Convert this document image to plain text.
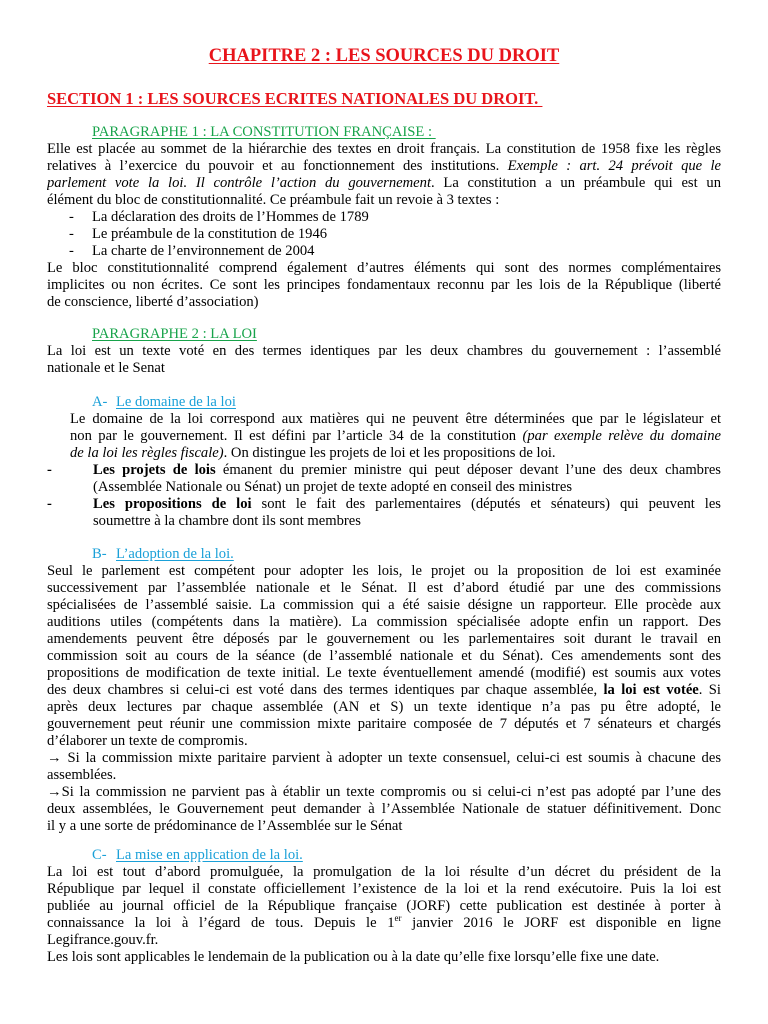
CHAPITRE 2 : LES SOURCES DU DROIT
SECTION 1 : LES SOURCES ECRITES NATIONALES DU DROIT.
PARAGRAPHE 1 : LA CONSTITUTION FRANÇAISE :
Elle est placée au sommet de la hiérarchie des textes en droit français. La constitution de 1958 fixe les règles
relatives à l’exercice du pouvoir et au fonctionnement des institutions. Exemple : art. 24 prévoit que le
parlement vote la loi. Il contrôle l’action du gouvernement. La constitution a un préambule qui est un
élément du bloc de constitutionnalité. Ce préambule fait un revoie à 3 textes :
-	La déclaration des droits de l’Hommes de 1789
-	Le préambule de la constitution de 1946
-	La charte de l’environnement de 2004
Le bloc constitutionnalité comprend également d’autres éléments qui sont des normes complémentaires
implicites ou non écrites. Ce sont les principes fondamentaux reconnu par les lois de la République (liberté
de conscience, liberté d’association)
PARAGRAPHE 2 : LA LOI
La loi est un texte voté en des termes identiques par les deux chambres du gouvernement : l’assemblé
nationale et le Senat
A- Le domaine de la loi
Le domaine de la loi correspond aux matières qui ne peuvent être déterminées que par le législateur et
non par le gouvernement. Il est défini par l’article 34 de la constitution (par exemple relève du domaine
de la loi les règles fiscale). On distingue les projets de loi et les propositions de loi.
-	Les projets de lois émanent du premier ministre qui peut déposer devant l’une des deux chambres
(Assemblée Nationale ou Sénat) un projet de texte adopté en conseil des ministres
-	Les propositions de loi sont le fait des parlementaires (députés et sénateurs) qui peuvent les
soumettre à la chambre dont ils sont membres
B- L’adoption de la loi.
Seul le parlement est compétent pour adopter les lois, le projet ou la proposition de loi est examinée
successivement par l’assemblée nationale et le Sénat. Il est d’abord étudié par une des commissions
spécialisées de l’assemblé saisie. La commission qui a été saisie désigne un rapporteur. Elle procède aux
auditions utiles (compétents dans la matière). La commission spécialisée adopte enfin un rapport. Des
amendements peuvent être déposés par le gouvernement ou les parlementaires soit durant le travail en
commission soit au cours de la séance (de l’assemblé nationale et du Sénat). Ces amendements sont des
propositions de modification de texte initial. Le texte éventuellement amendé (modifié) est soumis aux votes
des deux chambres si celui-ci est voté dans des termes identiques par chaque assemblée, la loi est votée. Si
après deux lectures par chaque assemblée (AN et S) un texte identique n’a pas pu être adopté, le
gouvernement peut réunir une commission mixte paritaire composée de 7 députés et 7 sénateurs et chargés
d’élaborer un texte de compromis.
→ Si la commission mixte paritaire parvient à adopter un texte consensuel, celui-ci est soumis à chacune des
assemblées.
→Si la commission ne parvient pas à établir un texte compromis ou si celui-ci n’est pas adopté par l’une des
deux assemblées, le Gouvernement peut demander à l’Assemblée Nationale de statuer définitivement. Donc
il y a une sorte de prédominance de l’Assemblée sur le Sénat
C- La mise en application de la loi.
La loi est tout d’abord promulguée, la promulgation de la loi résulte d’un décret du président de la
République par lequel il constate officiellement l’existence de la loi et la rend exécutoire. Puis la loi est
publiée au journal officiel de la République française (JORF) cette publication est destinée à porter à
connaissance la loi à l’égard de tous. Depuis le 1er janvier 2016 le JORF est disponible en ligne
Legifrance.gouv.fr.
Les lois sont applicables le lendemain de la publication ou à la date qu’elle fixe lorsqu’elle fixe une date.
